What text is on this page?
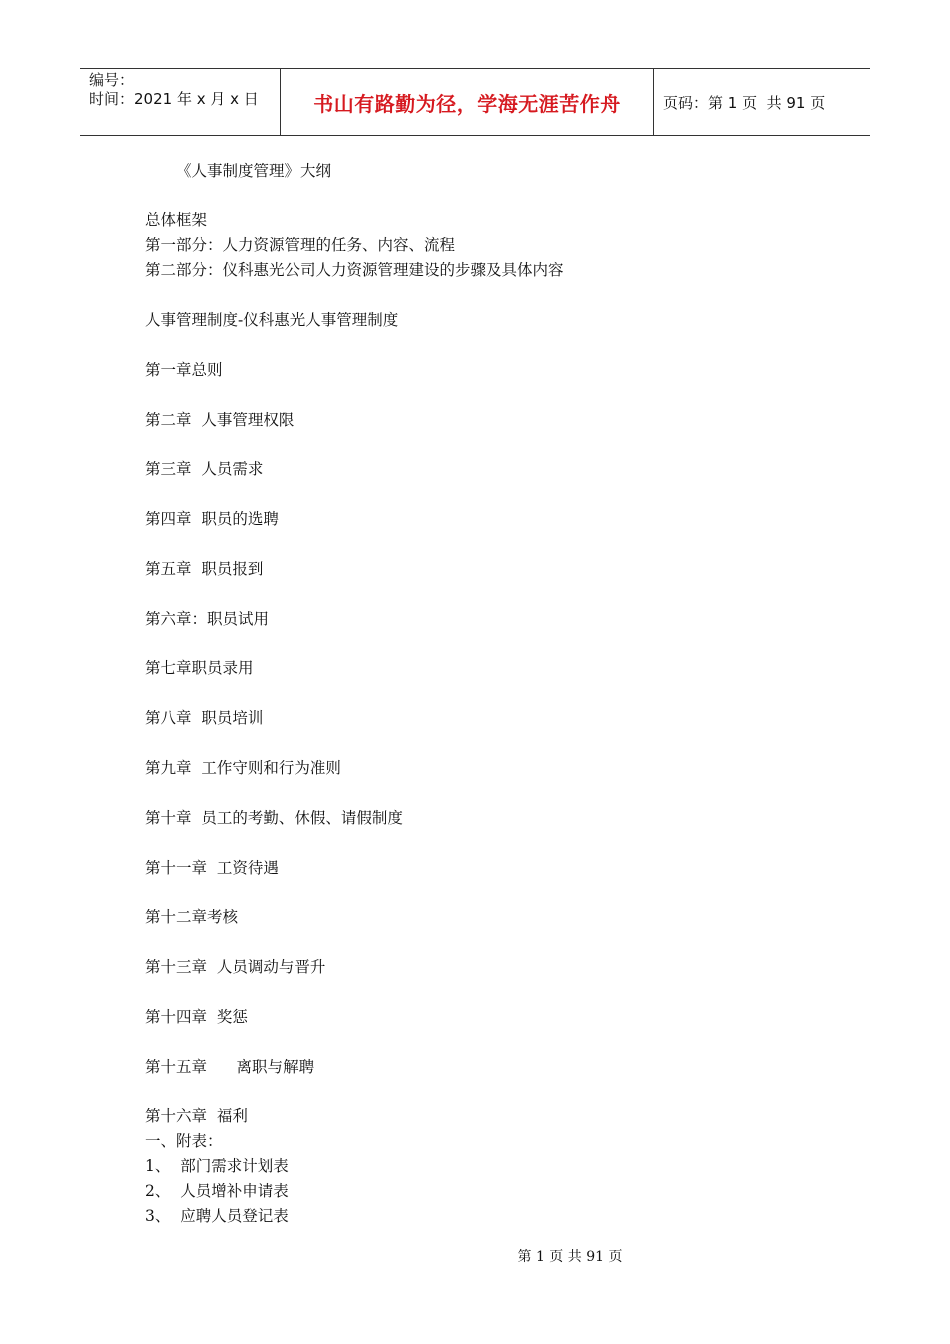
编号：
时间：2021 年 x 月 x 日	书山有路勤为径，学海无涯苦作舟	页码：第 1 页  共 91 页
《人事制度管理》大纲
总体框架
第一部分：人力资源管理的任务、内容、流程
第二部分：仪科惠光公司人力资源管理建设的步骤及具体内容
人事管理制度-仪科惠光人事管理制度
第一章总则
第二章  人事管理权限
第三章  人员需求
第四章  职员的选聘
第五章  职员报到
第六章：职员试用
第七章职员录用
第八章  职员培训
第九章  工作守则和行为准则
第十章  员工的考勤、休假、请假制度
第十一章  工资待遇
第十二章考核
第十三章  人员调动与晋升
第十四章  奖惩
第十五章      离职与解聘
第十六章  福利
一、附表：
1、  部门需求计划表
2、  人员增补申请表
3、  应聘人员登记表
第 1 页 共 91 页
